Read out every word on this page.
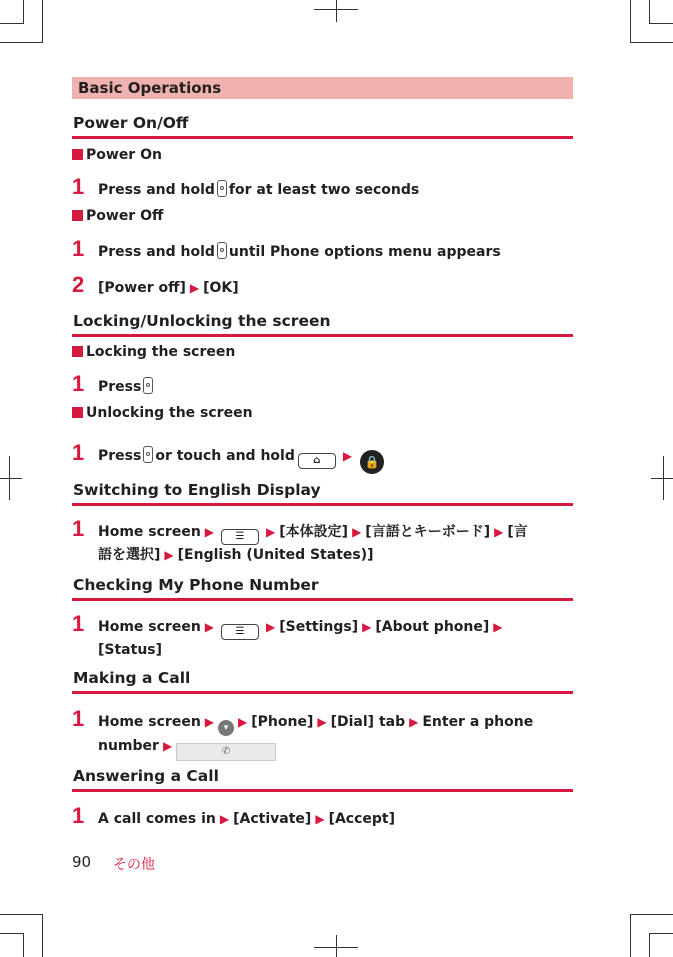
Basic Operations
Power On/Off
Power On
1 Press and hold for at least two seconds
Power Off
1 Press and hold until Phone options menu appears
2 [Power off] ▶ [OK]
Locking/Unlocking the screen
Locking the screen
1 Press
Unlocking the screen
1 Press or touch and hold ⌂ ▶ 🔒
Switching to English Display
1 Home screen ▶ ☰ ▶ [本体設定] ▶ [言語とキーボード] ▶ [言
語を選択] ▶ [English (United States)]
Checking My Phone Number
1 Home screen ▶ ☰ ▶ [Settings] ▶ [About phone] ▶
[Status]
Making a Call
1 Home screen ▶ ▾ ▶ [Phone] ▶ [Dial] tab ▶ Enter a phone
number ▶	✆
Answering a Call
1 A call comes in ▶ [Activate] ▶ [Accept]
90 その他
